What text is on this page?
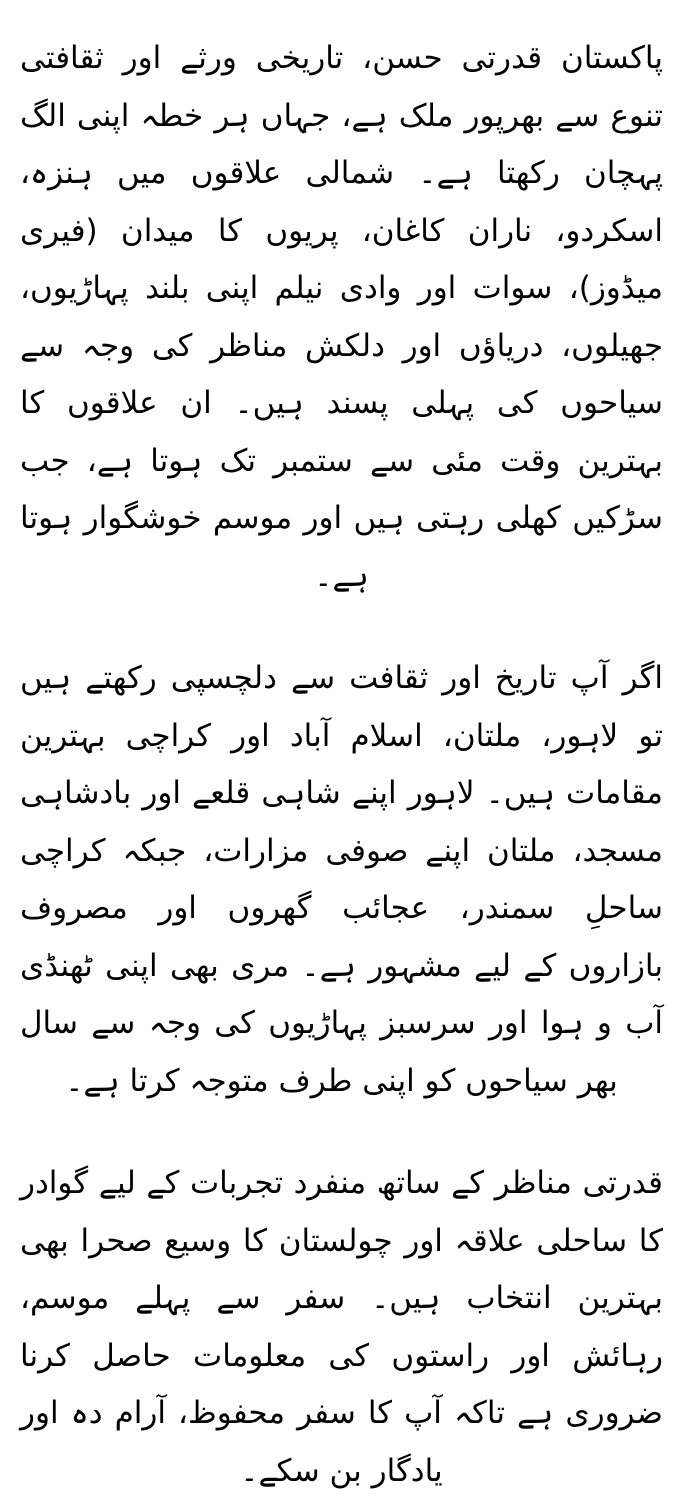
پاکستان قدرتی حسن، تاریخی ورثے اور ثقافتی تنوع سے بھرپور ملک ہے، جہاں ہر خطہ اپنی الگ پہچان رکھتا ہے۔ شمالی علاقوں میں ہنزہ، اسکردو، ناران کاغان، پریوں کا میدان (فیری میڈوز)، سوات اور وادی نیلم اپنی بلند پہاڑیوں، جھیلوں، دریاؤں اور دلکش مناظر کی وجہ سے سیاحوں کی پہلی پسند ہیں۔ ان علاقوں کا بہترین وقت مئی سے ستمبر تک ہوتا ہے، جب سڑکیں کھلی رہتی ہیں اور موسم خوشگوار ہوتا ہے۔

اگر آپ تاریخ اور ثقافت سے دلچسپی رکھتے ہیں تو لاہور، ملتان، اسلام آباد اور کراچی بہترین مقامات ہیں۔ لاہور اپنے شاہی قلعے اور بادشاہی مسجد، ملتان اپنے صوفی مزارات، جبکہ کراچی ساحلِ سمندر، عجائب گھروں اور مصروف بازاروں کے لیے مشہور ہے۔ مری بھی اپنی ٹھنڈی آب و ہوا اور سرسبز پہاڑیوں کی وجہ سے سال بھر سیاحوں کو اپنی طرف متوجہ کرتا ہے۔

قدرتی مناظر کے ساتھ منفرد تجربات کے لیے گوادر کا ساحلی علاقہ اور چولستان کا وسیع صحرا بھی بہترین انتخاب ہیں۔ سفر سے پہلے موسم، رہائش اور راستوں کی معلومات حاصل کرنا ضروری ہے تاکہ آپ کا سفر محفوظ، آرام دہ اور یادگار بن سکے۔
